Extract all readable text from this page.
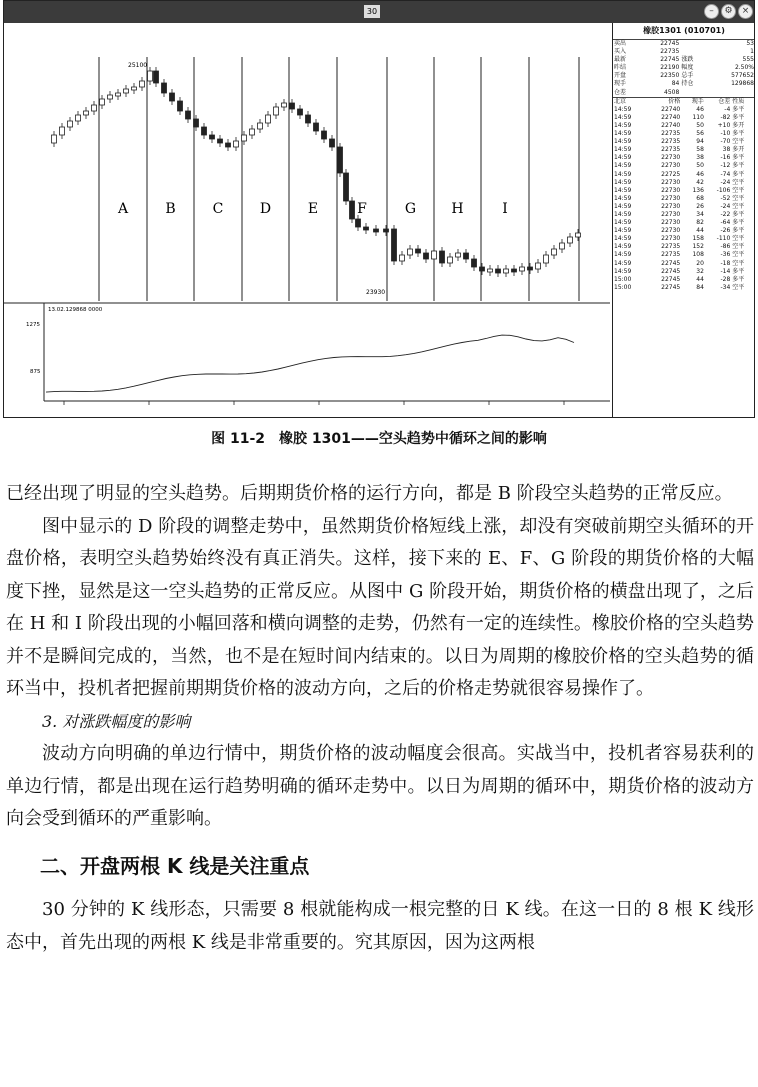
30	–	⚙	×
A	B	C	D	E	F	G	H	I
25100
23930
13.02.129868 0000
1275
875
橡胶1301 (010701)
卖出	22745		53
买入	22735		1
最新	22745	涨跌	555
昨结	22190	幅度	2.50%
开盘	22350	总手	577652
现手	84	持仓	129868
仓差	4508		
北京	价格	现手	仓差	性质
14:59	22740	46	-4	多平
14:59	22740	110	-82	多平
14:59	22740	50	+10	多开
14:59	22735	56	-10	多平
14:59	22735	94	-70	空平
14:59	22735	58	38	多开
14:59	22730	38	-16	多平
14:59	22730	50	-12	多平
14:59	22725	46	-74	多平
14:59	22730	42	-24	空平
14:59	22730	136	-106	空平
14:59	22730	68	-52	空平
14:59	22730	26	-24	空平
14:59	22730	34	-22	多平
14:59	22730	82	-64	多平
14:59	22730	44	-26	多平
14:59	22730	158	-110	空平
14:59	22735	152	-86	空平
14:59	22735	108	-36	空平
14:59	22745	20	-18	空平
14:59	22745	32	-14	多平
15:00	22745	44	-28	多平
15:00	22745	84	-34	空平
图 11-2　橡胶 1301——空头趋势中循环之间的影响

已经出现了明显的空头趋势。后期期货价格的运行方向，都是 B 阶段空头趋势的正常反应。

图中显示的 D 阶段的调整走势中，虽然期货价格短线上涨，却没有突破前期空头循环的开盘价格，表明空头趋势始终没有真正消失。这样，接下来的 E、F、G 阶段的期货价格的大幅度下挫，显然是这一空头趋势的正常反应。从图中 G 阶段开始，期货价格的横盘出现了，之后在 H 和 I 阶段出现的小幅回落和横向调整的走势，仍然有一定的连续性。橡胶价格的空头趋势并不是瞬间完成的，当然，也不是在短时间内结束的。以日为周期的橡胶价格的空头趋势的循环当中，投机者把握前期期货价格的波动方向，之后的价格走势就很容易操作了。

3. 对涨跌幅度的影响

波动方向明确的单边行情中，期货价格的波动幅度会很高。实战当中，投机者容易获利的单边行情，都是出现在运行趋势明确的循环走势中。以日为周期的循环中，期货价格的波动方向会受到循环的严重影响。

二、开盘两根 K 线是关注重点

30 分钟的 K 线形态，只需要 8 根就能构成一根完整的日 K 线。在这一日的 8 根 K 线形态中，首先出现的两根 K 线是非常重要的。究其原因，因为这两根
